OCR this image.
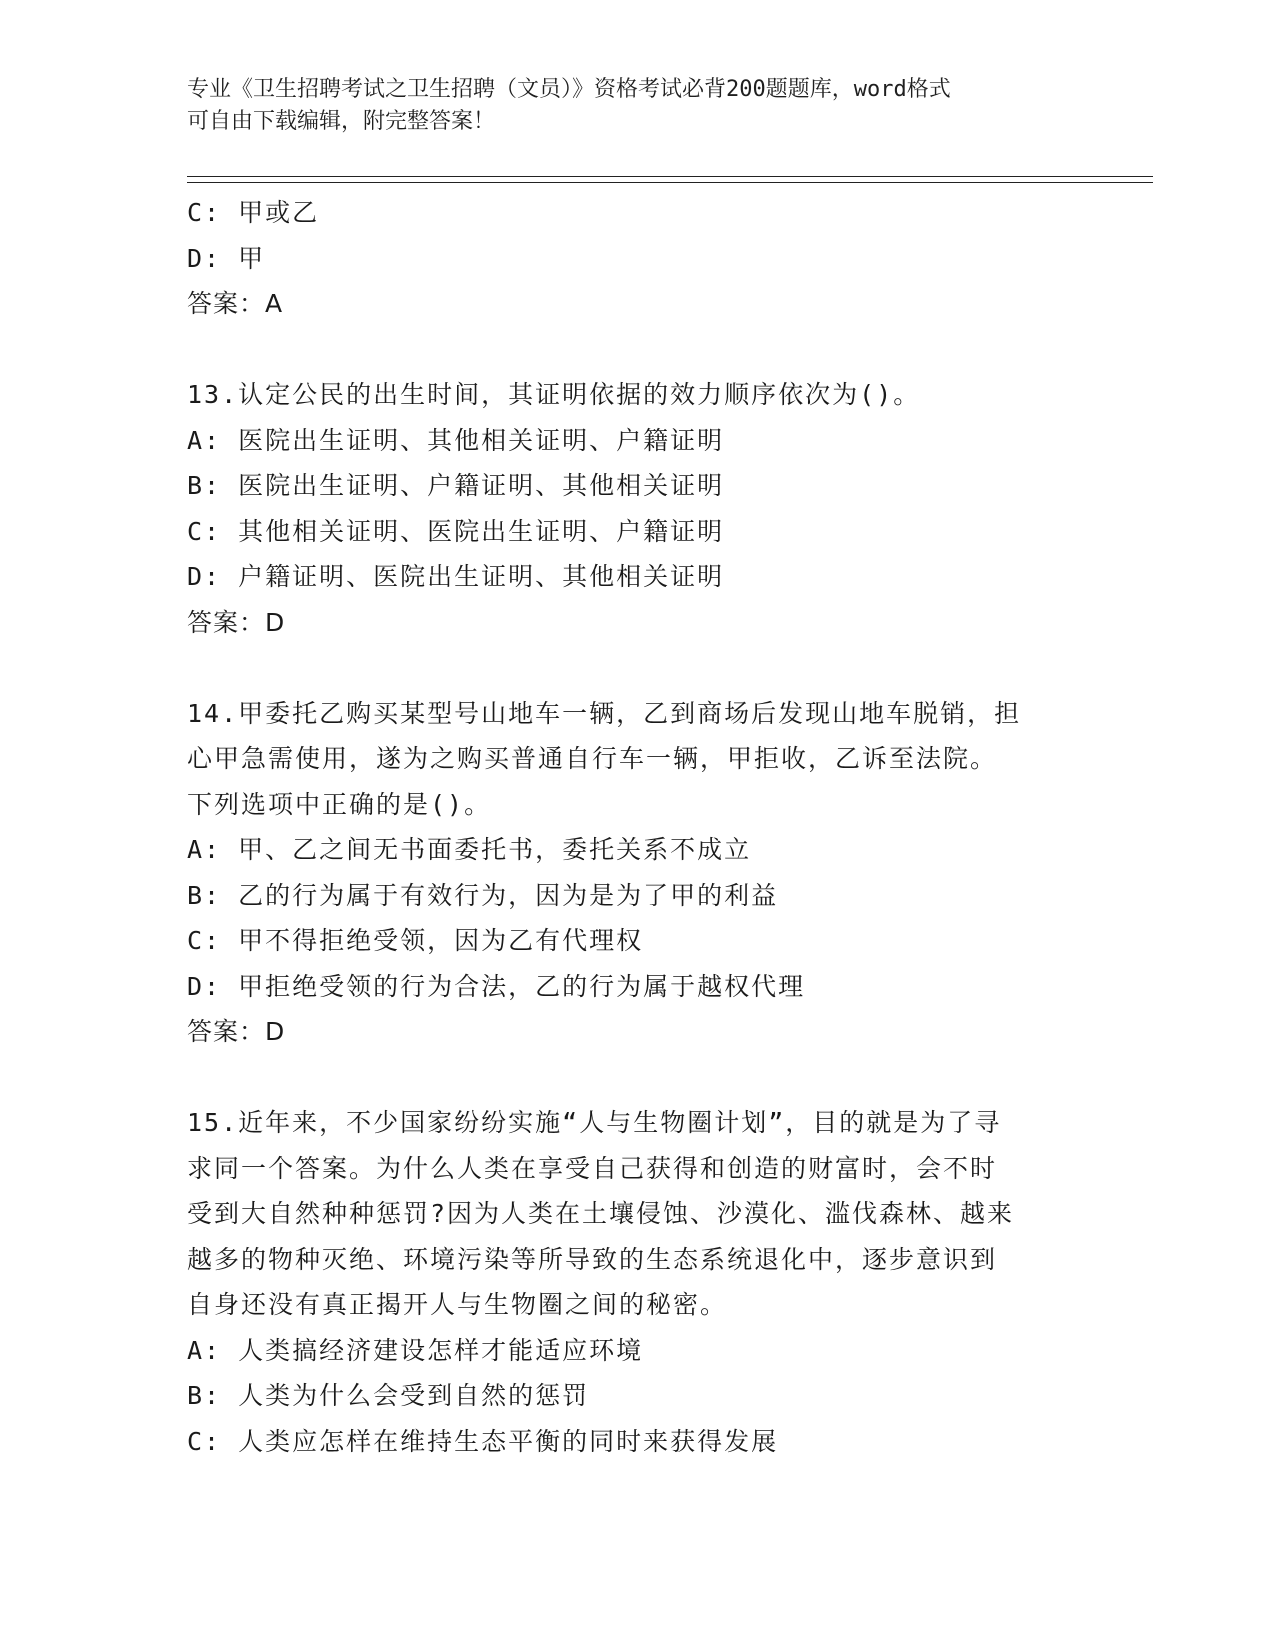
专业《卫生招聘考试之卫生招聘（文员）》资格考试必背200题题库，word格式
可自由下载编辑，附完整答案！
C: 甲或乙
D: 甲
答案：A
13.认定公民的出生时间，其证明依据的效力顺序依次为()。
A: 医院出生证明、其他相关证明、户籍证明
B: 医院出生证明、户籍证明、其他相关证明
C: 其他相关证明、医院出生证明、户籍证明
D: 户籍证明、医院出生证明、其他相关证明
答案：D
14.甲委托乙购买某型号山地车一辆，乙到商场后发现山地车脱销，担
心甲急需使用，遂为之购买普通自行车一辆，甲拒收，乙诉至法院。
下列选项中正确的是()。
A: 甲、乙之间无书面委托书，委托关系不成立
B: 乙的行为属于有效行为，因为是为了甲的利益
C: 甲不得拒绝受领，因为乙有代理权
D: 甲拒绝受领的行为合法，乙的行为属于越权代理
答案：D
15.近年来，不少国家纷纷实施“人与生物圈计划”，目的就是为了寻
求同一个答案。为什么人类在享受自己获得和创造的财富时，会不时
受到大自然种种惩罚?因为人类在土壤侵蚀、沙漠化、滥伐森林、越来
越多的物种灭绝、环境污染等所导致的生态系统退化中，逐步意识到
自身还没有真正揭开人与生物圈之间的秘密。
A: 人类搞经济建设怎样才能适应环境
B: 人类为什么会受到自然的惩罚
C: 人类应怎样在维持生态平衡的同时来获得发展
